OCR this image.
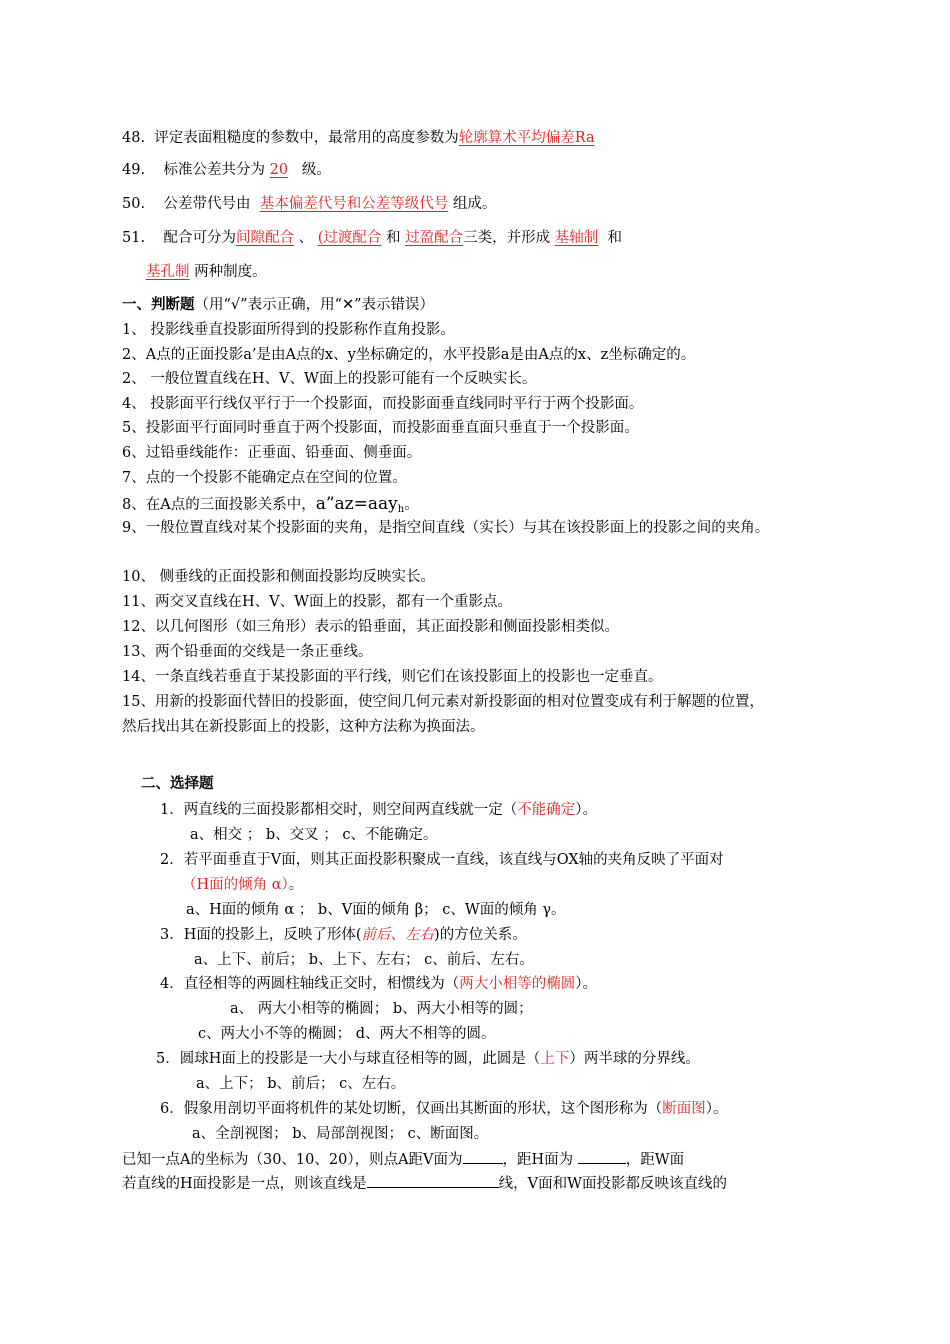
48. 评定表面粗糙度的参数中，最常用的高度参数为轮廓算术平均偏差Ra
49. 标准公差共分为 20 级。
50. 公差带代号由 基本偏差代号和公差等级代号 组成。
51. 配合可分为间隙配合 、 (过渡配合 和 过盈配合三类，并形成 基轴制 和
基孔制 两种制度。
一、判断题（用“√”表示正确，用“✕”表示错误）
1、 投影线垂直投影面所得到的投影称作直角投影。
2、A点的正面投影a’是由A点的x、y坐标确定的，水平投影a是由A点的x、z坐标确定的。
2、 一般位置直线在H、V、W面上的投影可能有一个反映实长。
4、 投影面平行线仅平行于一个投影面，而投影面垂直线同时平行于两个投影面。
5、投影面平行面同时垂直于两个投影面，而投影面垂直面只垂直于一个投影面。
6、过铅垂线能作：正垂面、铅垂面、侧垂面。
7、点的一个投影不能确定点在空间的位置。
8、在A点的三面投影关系中，a”az=aay$_h$。
9、一般位置直线对某个投影面的夹角，是指空间直线（实长）与其在该投影面上的投影之间的夹角。
10、 侧垂线的正面投影和侧面投影均反映实长。
11、两交叉直线在H、V、W面上的投影，都有一个重影点。
12、以几何图形（如三角形）表示的铅垂面，其正面投影和侧面投影相类似。
13、两个铅垂面的交线是一条正垂线。
14、一条直线若垂直于某投影面的平行线，则它们在该投影面上的投影也一定垂直。
15、用新的投影面代替旧的投影面，使空间几何元素对新投影面的相对位置变成有利于解题的位置，
然后找出其在新投影面上的投影，这种方法称为换面法。
二、选择题
1．两直线的三面投影都相交时，则空间两直线就一定（不能确定）。
a、相交 ； b、交叉 ； c、不能确定。
2．若平面垂直于V面，则其正面投影积聚成一直线，该直线与OX轴的夹角反映了平面对
（H面的倾角 α）。
a、H面的倾角 α ； b、V面的倾角 β； c、W面的倾角 γ。
3．H面的投影上，反映了形体(前后、左右)的方位关系。
a、上下、前后； b、上下、左右； c、前后、左右。
4．直径相等的两圆柱轴线正交时，相惯线为（两大小相等的椭圆）。
a、 两大小相等的椭圆； b、两大小相等的圆；
c、两大小不等的椭圆； d、两大不相等的圆。
5．圆球H面上的投影是一大小与球直径相等的圆，此圆是（上下）两半球的分界线。
a、上下； b、前后； c、左右。
6．假象用剖切平面将机件的某处切断，仅画出其断面的形状，这个图形称为（断面图）。
a、全剖视图； b、局部剖视图； c、断面图。
已知一点A的坐标为（30、10、20），则点A距V面为	，距H面为	，距W面
若直线的H面投影是一点，则该直线是	线，V面和W面投影都反映该直线的
